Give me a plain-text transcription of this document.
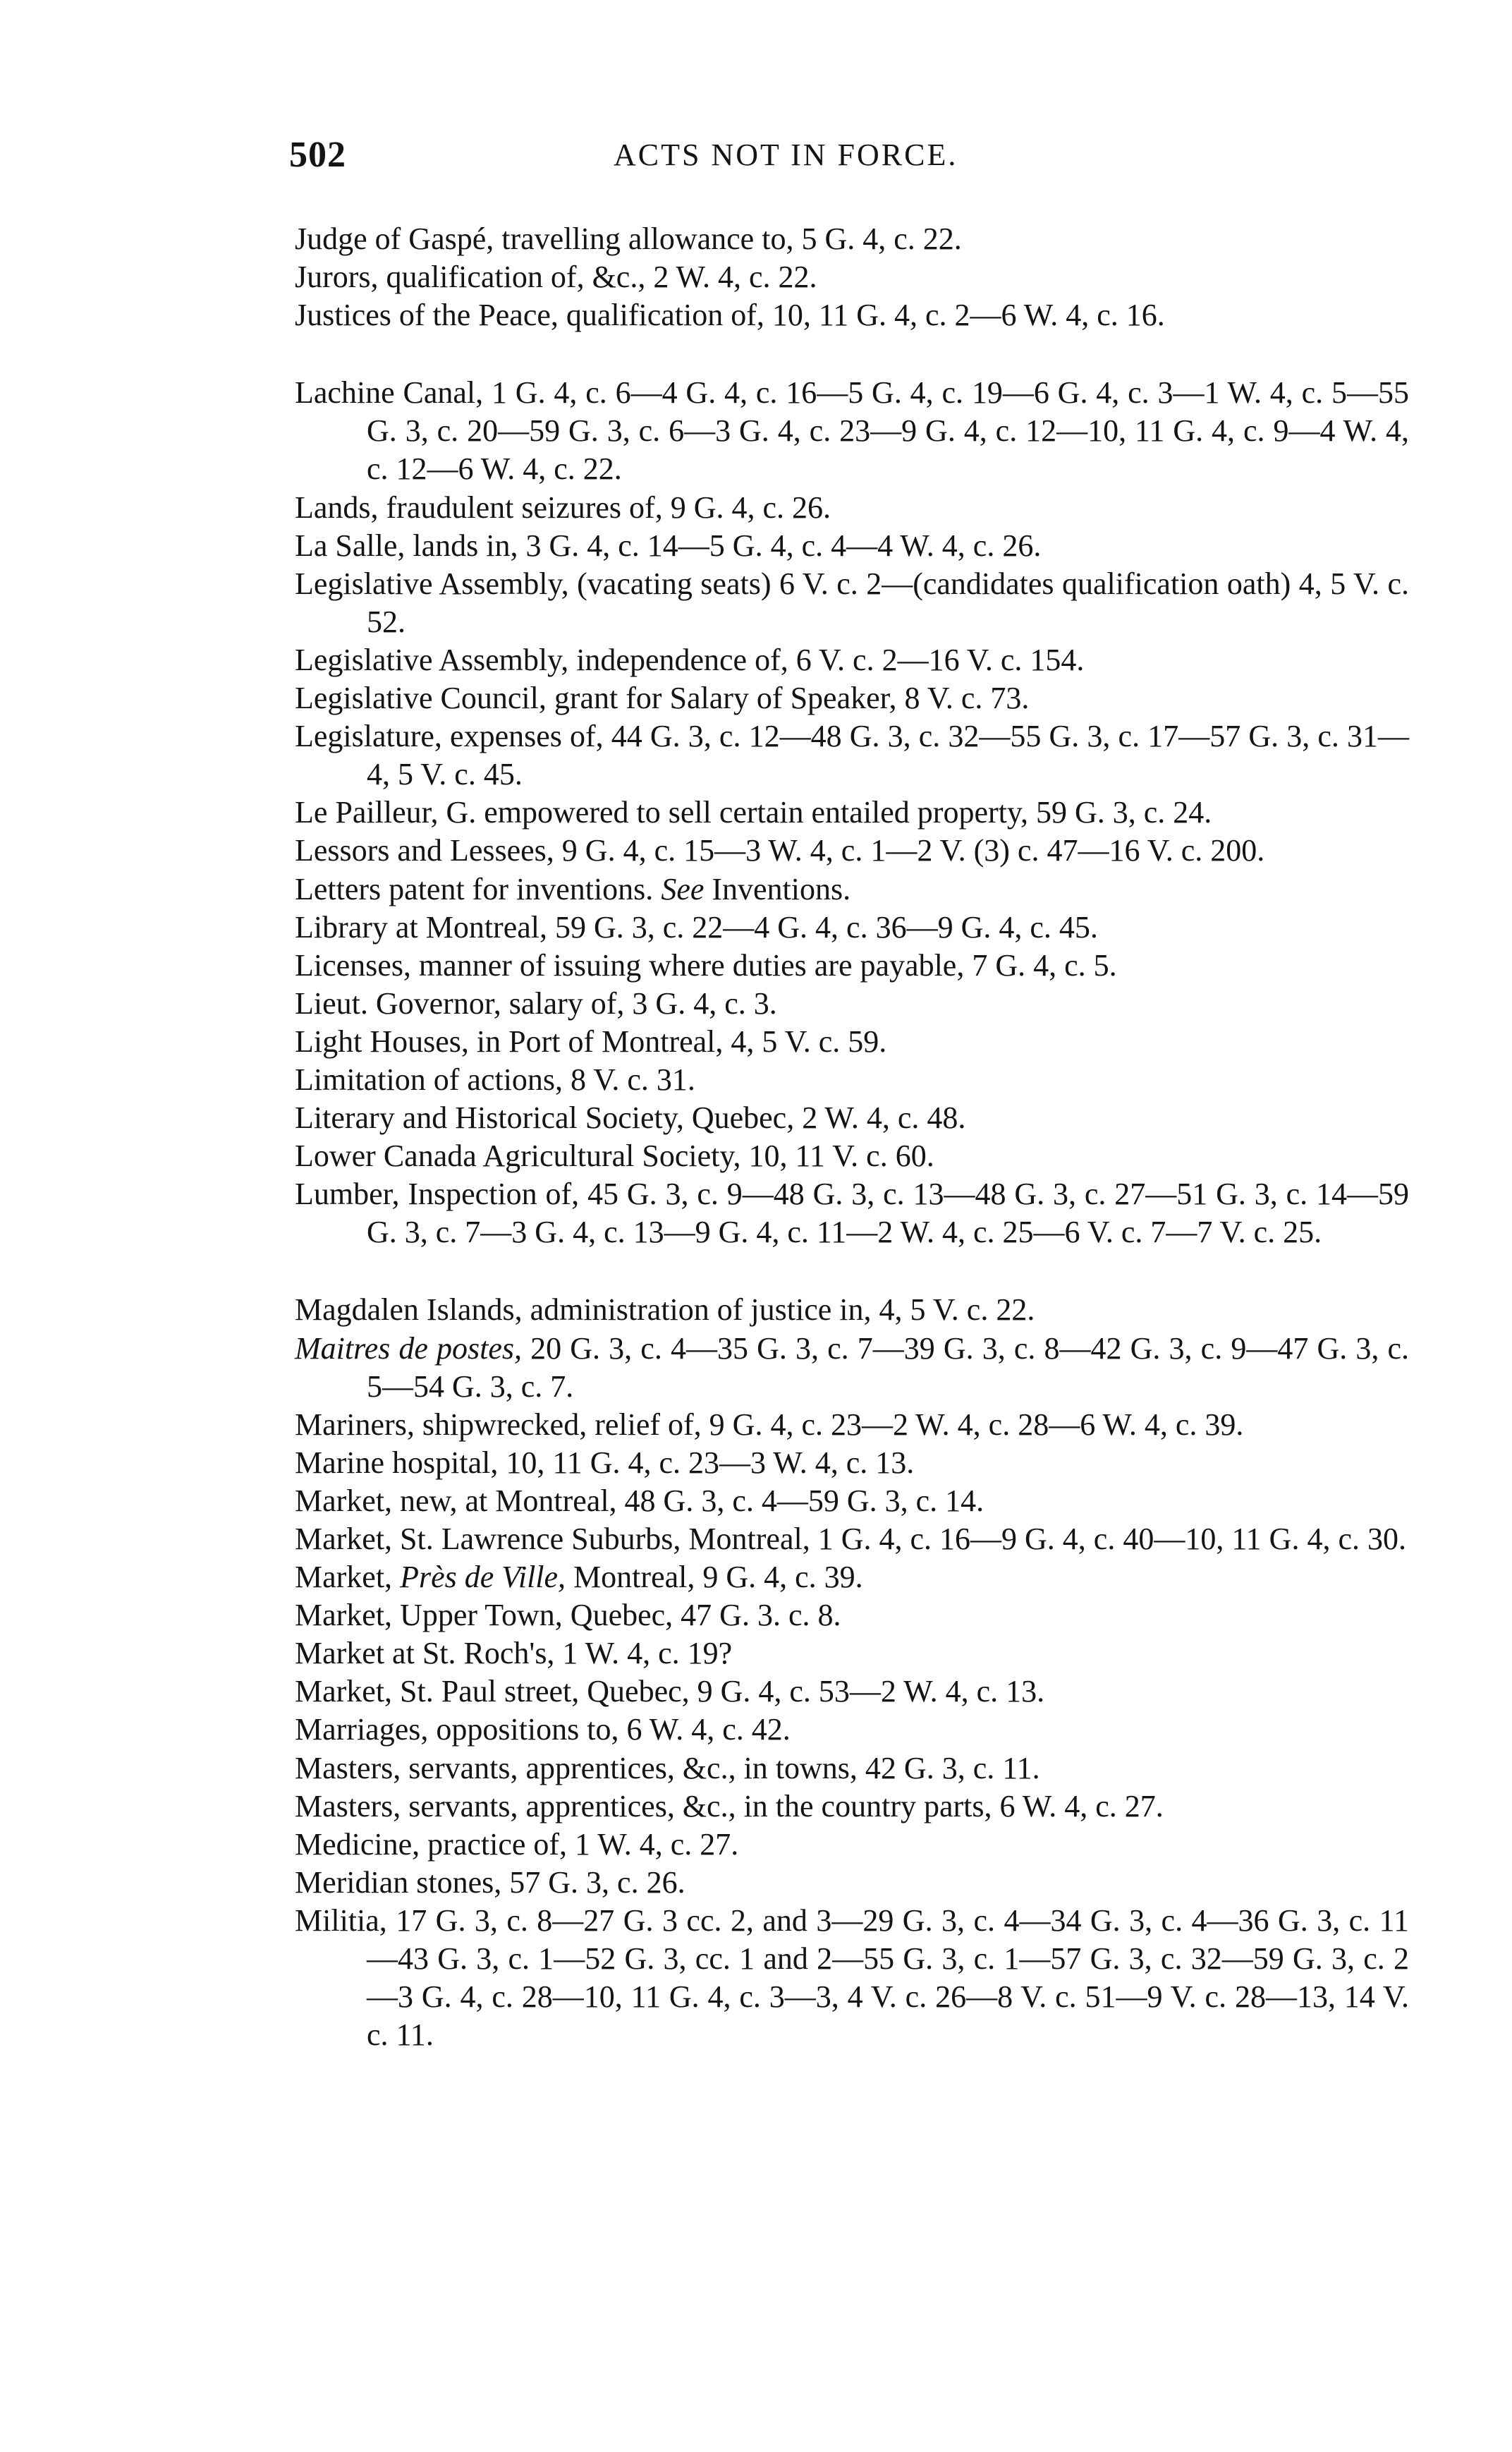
502	ACTS NOT IN FORCE.

Judge of Gaspé, travelling allowance to, 5 G. 4, c. 22.

Jurors, qualification of, &c., 2 W. 4, c. 22.

Justices of the Peace, qualification of, 10, 11 G. 4, c. 2—6 W. 4, c. 16.

Lachine Canal, 1 G. 4, c. 6—4 G. 4, c. 16—5 G. 4, c. 19—6 G. 4, c. 3—1 W. 4, c. 5—55 G. 3, c. 20—59 G. 3, c. 6—3 G. 4, c. 23—9 G. 4, c. 12—10, 11 G. 4, c. 9—4 W. 4, c. 12—6 W. 4, c. 22.

Lands, fraudulent seizures of, 9 G. 4, c. 26.

La Salle, lands in, 3 G. 4, c. 14—5 G. 4, c. 4—4 W. 4, c. 26.

Legislative Assembly, (vacating seats) 6 V. c. 2—(candidates qualification oath) 4, 5 V. c. 52.

Legislative Assembly, independence of, 6 V. c. 2—16 V. c. 154.

Legislative Council, grant for Salary of Speaker, 8 V. c. 73.

Legislature, expenses of, 44 G. 3, c. 12—48 G. 3, c. 32—55 G. 3, c. 17—57 G. 3, c. 31—4, 5 V. c. 45.

Le Pailleur, G. empowered to sell certain entailed property, 59 G. 3, c. 24.

Lessors and Lessees, 9 G. 4, c. 15—3 W. 4, c. 1—2 V. (3) c. 47—16 V. c. 200.

Letters patent for inventions. See Inventions.

Library at Montreal, 59 G. 3, c. 22—4 G. 4, c. 36—9 G. 4, c. 45.

Licenses, manner of issuing where duties are payable, 7 G. 4, c. 5.

Lieut. Governor, salary of, 3 G. 4, c. 3.

Light Houses, in Port of Montreal, 4, 5 V. c. 59.

Limitation of actions, 8 V. c. 31.

Literary and Historical Society, Quebec, 2 W. 4, c. 48.

Lower Canada Agricultural Society, 10, 11 V. c. 60.

Lumber, Inspection of, 45 G. 3, c. 9—48 G. 3, c. 13—48 G. 3, c. 27—51 G. 3, c. 14—59 G. 3, c. 7—3 G. 4, c. 13—9 G. 4, c. 11—2 W. 4, c. 25—6 V. c. 7—7 V. c. 25.

Magdalen Islands, administration of justice in, 4, 5 V. c. 22.

Maitres de postes, 20 G. 3, c. 4—35 G. 3, c. 7—39 G. 3, c. 8—42 G. 3, c. 9—47 G. 3, c. 5—54 G. 3, c. 7.

Mariners, shipwrecked, relief of, 9 G. 4, c. 23—2 W. 4, c. 28—6 W. 4, c. 39.

Marine hospital, 10, 11 G. 4, c. 23—3 W. 4, c. 13.

Market, new, at Montreal, 48 G. 3, c. 4—59 G. 3, c. 14.

Market, St. Lawrence Suburbs, Montreal, 1 G. 4, c. 16—9 G. 4, c. 40—10, 11 G. 4, c. 30.

Market, Près de Ville, Montreal, 9 G. 4, c. 39.

Market, Upper Town, Quebec, 47 G. 3. c. 8.

Market at St. Roch's, 1 W. 4, c. 19?

Market, St. Paul street, Quebec, 9 G. 4, c. 53—2 W. 4, c. 13.

Marriages, oppositions to, 6 W. 4, c. 42.

Masters, servants, apprentices, &c., in towns, 42 G. 3, c. 11.

Masters, servants, apprentices, &c., in the country parts, 6 W. 4, c. 27.

Medicine, practice of, 1 W. 4, c. 27.

Meridian stones, 57 G. 3, c. 26.

Militia, 17 G. 3, c. 8—27 G. 3 cc. 2, and 3—29 G. 3, c. 4—34 G. 3, c. 4—36 G. 3, c. 11—43 G. 3, c. 1—52 G. 3, cc. 1 and 2—55 G. 3, c. 1—57 G. 3, c. 32—59 G. 3, c. 2—3 G. 4, c. 28—10, 11 G. 4, c. 3—3, 4 V. c. 26—8 V. c. 51—9 V. c. 28—13, 14 V. c. 11.
